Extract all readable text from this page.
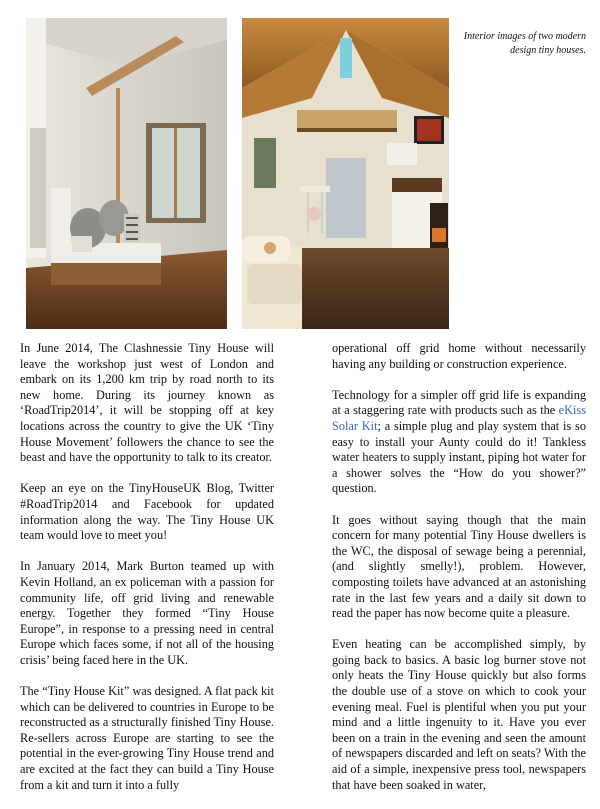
Interior images of two modern design tiny houses.

In June 2014, The Clashnessie Tiny House will leave the workshop just west of London and embark on its 1,200 km trip by road north to its new home. During its journey known as ‘RoadTrip2014’, it will be stopping off at key locations across the country to give the UK ‘Tiny House Movement’ followers the chance to see the beast and have the opportunity to talk to its creator.

Keep an eye on the TinyHouseUK Blog, Twitter #RoadTrip2014 and Facebook for updated information along the way. The Tiny House UK team would love to meet you!

In January 2014, Mark Burton teamed up with Kevin Holland, an ex policeman with a passion for community life, off grid living and renewable energy. Together they formed “Tiny House Europe”, in response to a pressing need in central Europe which faces some, if not all of the housing crisis’ being faced here in the UK.

The “Tiny House Kit” was designed. A flat pack kit which can be delivered to countries in Europe to be reconstructed as a structurally finished Tiny House. Re-sellers across Europe are starting to see the potential in the ever-growing Tiny House trend and are excited at the fact they can build a Tiny House from a kit and turn it into a fully

operational off grid home without necessarily having any building or construction experience.

Technology for a simpler off grid life is expanding at a staggering rate with products such as the eKiss Solar Kit; a simple plug and play system that is so easy to install your Aunty could do it! Tankless water heaters to supply instant, piping hot water for a shower solves the “How do you shower?” question.

It goes without saying though that the main concern for many potential Tiny House dwellers is the WC, the disposal of sewage being a perennial, (and slightly smelly!), problem. However, composting toilets have advanced at an astonishing rate in the last few years and a daily sit down to read the paper has now become quite a pleasure.

Even heating can be accomplished simply, by going back to basics. A basic log burner stove not only heats the Tiny House quickly but also forms the double use of a stove on which to cook your evening meal. Fuel is plentiful when you put your mind and a little ingenuity to it. Have you ever been on a train in the evening and seen the amount of newspapers discarded and left on seats? With the aid of a simple, inexpensive press tool, newspapers that have been soaked in water,
